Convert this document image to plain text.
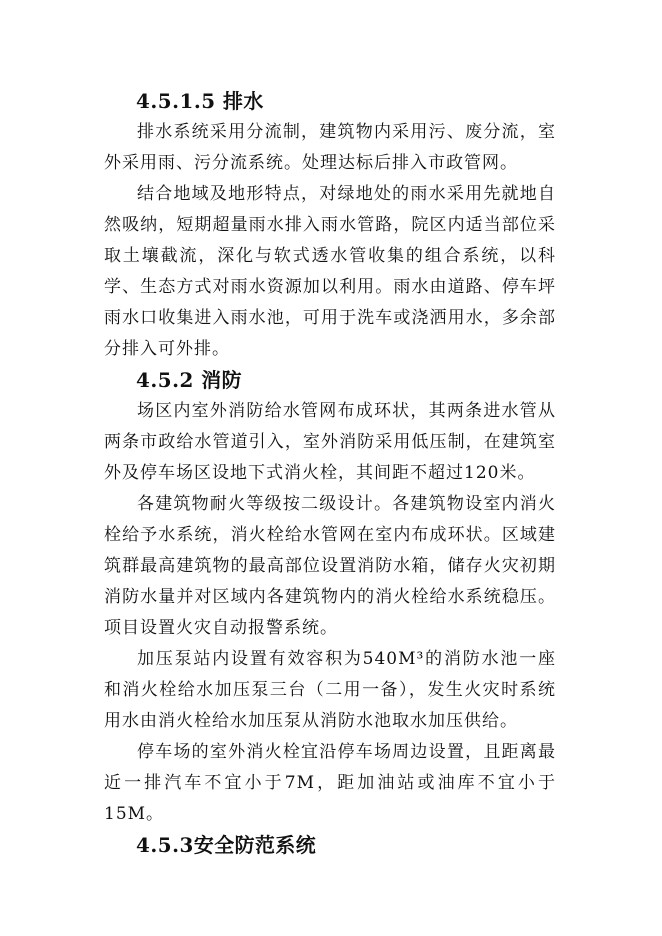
4.5.1.5 排水

排水系统采用分流制，建筑物内采用污、废分流，室外采用雨、污分流系统。处理达标后排入市政管网。

结合地域及地形特点，对绿地处的雨水采用先就地自然吸纳，短期超量雨水排入雨水管路，院区内适当部位采取土壤截流，深化与软式透水管收集的组合系统，以科学、生态方式对雨水资源加以利用。雨水由道路、停车坪雨水口收集进入雨水池，可用于洗车或浇洒用水，多余部分排入可外排。

4.5.2 消防

场区内室外消防给水管网布成环状，其两条进水管从两条市政给水管道引入，室外消防采用低压制，在建筑室外及停车场区设地下式消火栓，其间距不超过120米。

各建筑物耐火等级按二级设计。各建筑物设室内消火栓给予水系统，消火栓给水管网在室内布成环状。区域建筑群最高建筑物的最高部位设置消防水箱，储存火灾初期消防水量并对区域内各建筑物内的消火栓给水系统稳压。项目设置火灾自动报警系统。

加压泵站内设置有效容积为540M³的消防水池一座和消火栓给水加压泵三台（二用一备），发生火灾时系统用水由消火栓给水加压泵从消防水池取水加压供给。

停车场的室外消火栓宜沿停车场周边设置，且距离最近一排汽车不宜小于7M，距加油站或油库不宜小于15M。

4.5.3安全防范系统
